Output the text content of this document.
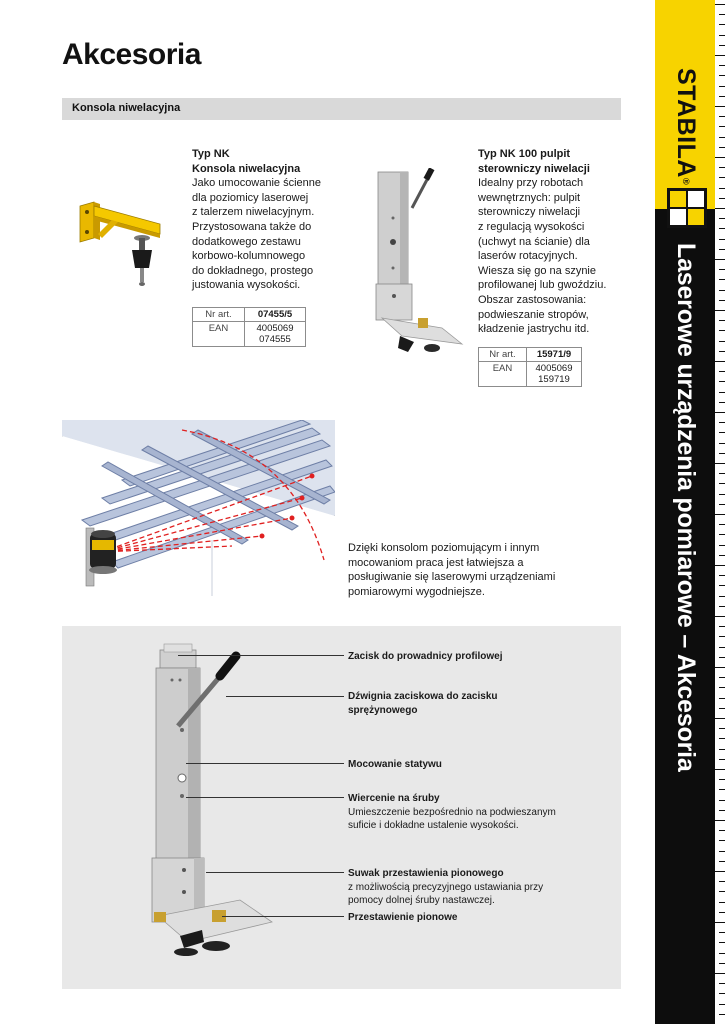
Akcesoria
Konsola niwelacyjna
Typ NK
Konsola niwelacyjna
Jako umocowanie ścienne
dla poziomicy laserowej
z talerzem niwelacyjnym.
Przystosowana także do
dodatkowego zestawu
korbowo-kolumnowego
do dokładnego, prostego
justowania wysokości.
Nr art.	07455/5
EAN	4005069
074555
Typ NK 100 pulpit
sterowniczy niwelacji
Idealny przy robotach
wewnętrznych: pulpit
sterowniczy niwelacji
z regulacją wysokości
(uchwyt na ścianie) dla
laserów rotacyjnych.
Wiesza się go na szynie
profilowanej lub gwoździu.
Obszar zastosowania:
podwieszanie stropów,
kładzenie jastrychu itd.
Nr art.	15971/9
EAN	4005069
159719
Dzięki konsolom poziomującym i innym
mocowaniom praca jest łatwiejsza a
posługiwanie się laserowymi urządzeniami
pomiarowymi wygodniejsze.
Zacisk do prowadnicy profilowej
Dźwignia zaciskowa do zacisku
sprężynowego
Mocowanie statywu
Wiercenie na śruby
Umieszczenie bezpośrednio na podwieszanym
suficie i dokładne ustalenie wysokości.
Suwak przestawienia pionowego
z możliwością precyzyjnego ustawiania przy
pomocy dolnej śruby nastawczej.
Przestawienie pionowe
STABILA®
Laserowe urządzenia pomiarowe – Akcesoria
